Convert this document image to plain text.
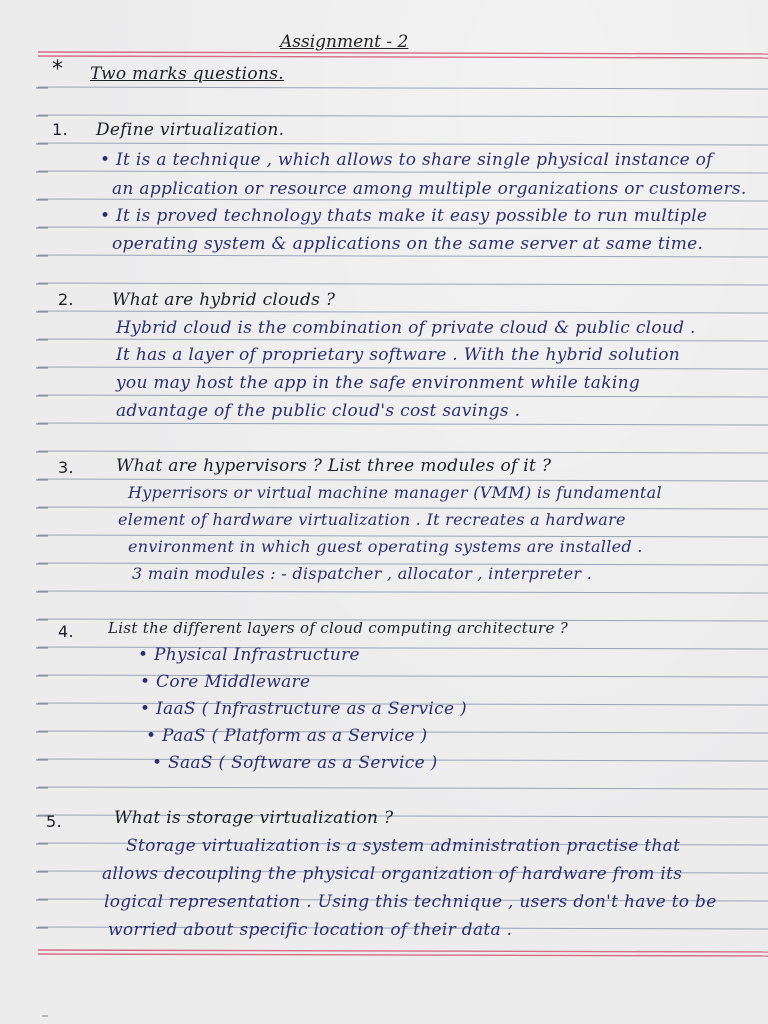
Assignment - 2
* Two marks questions.
1. Define virtualization.
• It is a technique , which allows to share single physical instance of
an application or resource among multiple organizations or customers.
• It is proved technology thats make it easy possible to run multiple
operating system & applications on the same server at same time.
2. What are hybrid clouds ?
Hybrid cloud is the combination of private cloud & public cloud .
It has a layer of proprietary software . With the hybrid solution
you may host the app in the safe environment while taking
advantage of the public cloud's cost savings .
3. What are hypervisors ? List three modules of it ?
Hyperrisors or virtual machine manager (VMM) is fundamental
element of hardware virtualization . It recreates a hardware
environment in which guest operating systems are installed .
3 main modules : - dispatcher , allocator , interpreter .
4. List the different layers of cloud computing architecture ?
• Physical Infrastructure
• Core Middleware
• IaaS ( Infrastructure as a Service )
• PaaS ( Platform as a Service )
• SaaS ( Software as a Service )
5.	What is storage virtualization ?
Storage virtualization is a system administration practise that
allows decoupling the physical organization of hardware from its
logical representation . Using this technique , users don't have to be
worried about specific location of their data .
